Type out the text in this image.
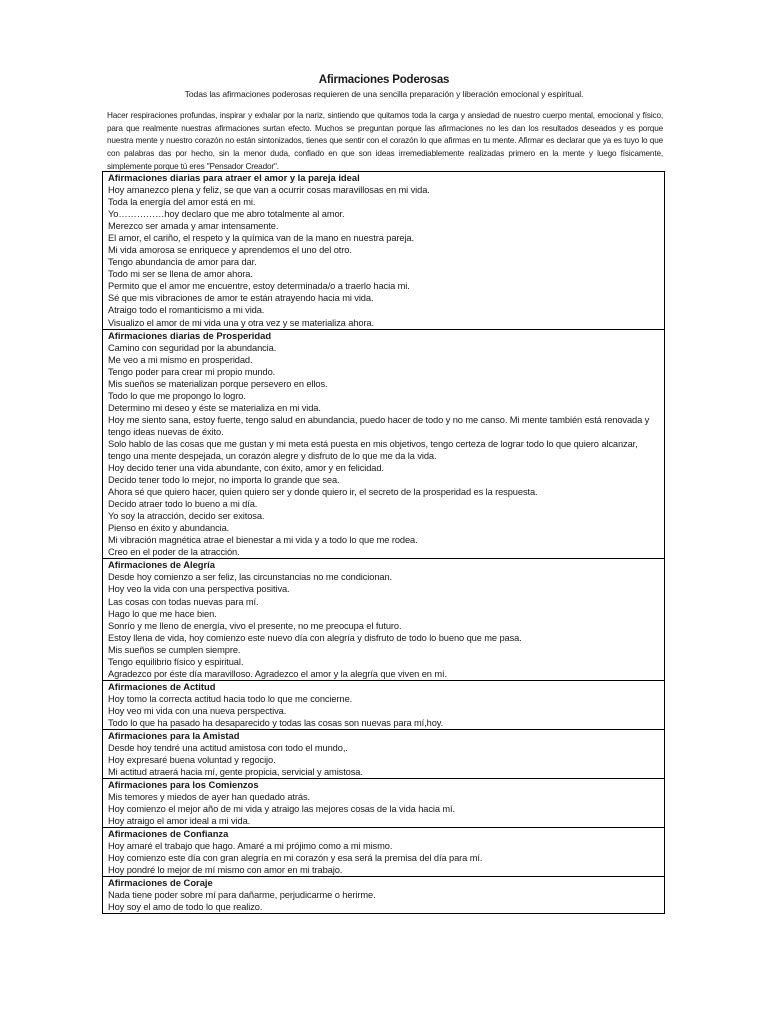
Afirmaciones Poderosas
Todas las afirmaciones poderosas requieren de una sencilla preparación y liberación emocional y espiritual.
Hacer respiraciones profundas, inspirar y exhalar por la nariz, sintiendo que quitamos toda la carga y ansiedad de nuestro cuerpo mental, emocional y físico, para que realmente nuestras afirmaciones surtan efecto. Muchos se preguntan porque las afirmaciones no les dan los resultados deseados y es porque nuestra mente y nuestro corazón no están sintonizados, tienes que sentir con el corazón lo que afirmas en tu mente. Afirmar es declarar que ya es tuyo lo que con palabras das por hecho, sin la menor duda, confiado en que son ideas irremediablemente realizadas primero en la mente y luego físicamente, simplemente porque tú eres "Pensador Creador".
Afirmaciones diarias para atraer el amor y la pareja ideal
Hoy amanezco plena y feliz, se que van a ocurrir cosas maravillosas en mi vida.
Toda la energía del amor está en mi.
Yo……………hoy declaro que me abro totalmente al amor.
Merezco ser amada y amar intensamente.
El amor, el cariño, el respeto y la química van de la mano en nuestra pareja.
Mi vida amorosa se enriquece y aprendemos el uno del otro.
Tengo abundancia de amor para dar.
Todo mi ser se llena de amor ahora.
Permito que el amor me encuentre, estoy determinada/o a traerlo hacia mi.
Sé que mis vibraciones de amor te están atrayendo hacia mi vida.
Atraigo todo el romanticismo a mi vida.
Visualizo el amor de mi vida una y otra vez y se materializa ahora.
Afirmaciones diarias de Prosperidad
Camino con seguridad por la abundancia.
Me veo a mi mismo en prosperidad.
Tengo poder para crear mi propio mundo.
Mis sueños se materializan porque persevero en ellos.
Todo lo que me propongo lo logro.
Determino mi deseo y éste se materializa en mi vida.
Hoy me siento sana, estoy fuerte, tengo salud en abundancia, puedo hacer de todo y no me canso. Mi mente también está renovada y tengo ideas nuevas de éxito.
Solo hablo de las cosas que me gustan y mi meta está puesta en mis objetivos, tengo certeza de lograr todo lo que quiero alcanzar, tengo una mente despejada, un corazón alegre y disfruto de lo que me da la vida.
Hoy decido tener una vida abundante, con éxito, amor y en felicidad.
Decido tener todo lo mejor, no importa lo grande que sea.
Ahora sé que quiero hacer, quien quiero ser y donde quiero ir, el secreto de la prosperidad es la respuesta.
Decido atraer todo lo bueno a mi día.
Yo soy la atracción, decido ser exitosa.
Pienso en éxito y abundancia.
Mi vibración magnética atrae el bienestar a mi vida y a todo lo que me rodea.
Creo en el poder de la atracción.
Afirmaciones de Alegría
Desde hoy comienzo a ser feliz, las circunstancias no me condicionan.
Hoy veo la vida con una perspectiva positiva.
Las cosas con todas nuevas para mí.
Hago lo que me hace bien.
Sonrío y me lleno de energía, vivo el presente, no me preocupa el futuro.
Estoy llena de vida, hoy comienzo este nuevo día con alegría y disfruto de todo lo bueno que me pasa.
Mis sueños se cumplen siempre.
Tengo equilibrio físico y espiritual.
Agradezco por éste día maravilloso. Agradezco el amor y la alegría que viven en mí.
Afirmaciones de Actitud
Hoy tomo la correcta actitud hacia todo lo que me concierne.
Hoy veo mi vida con una nueva perspectiva.
Todo lo que ha pasado ha desaparecido y todas las cosas son nuevas para mí,hoy.
Afirmaciones para la Amistad
Desde hoy tendré una actitud amistosa con todo el mundo,.
Hoy expresaré buena voluntad y regocijo.
Mi actitud atraerá hacia mí, gente propicia, servicial y amistosa.
Afirmaciones para los Comienzos
Mis temores y miedos de ayer han quedado atrás.
Hoy comienzo el mejor año de mi vida y atraigo las mejores cosas de la vida hacia mí.
Hoy atraigo el amor ideal a mi vida.
Afirmaciones de Confianza
Hoy amaré el trabajo que hago. Amaré a mi prójimo como a mi mismo.
Hoy comienzo este día con gran alegría en mi corazón y esa será la premisa del día para mí.
Hoy pondré lo mejor de mí mismo con amor en mi trabajo.
Afirmaciones de Coraje
Nada tiene poder sobre mí para dañarme, perjudicarme o herirme.
Hoy soy el amo de todo lo que realizo.
